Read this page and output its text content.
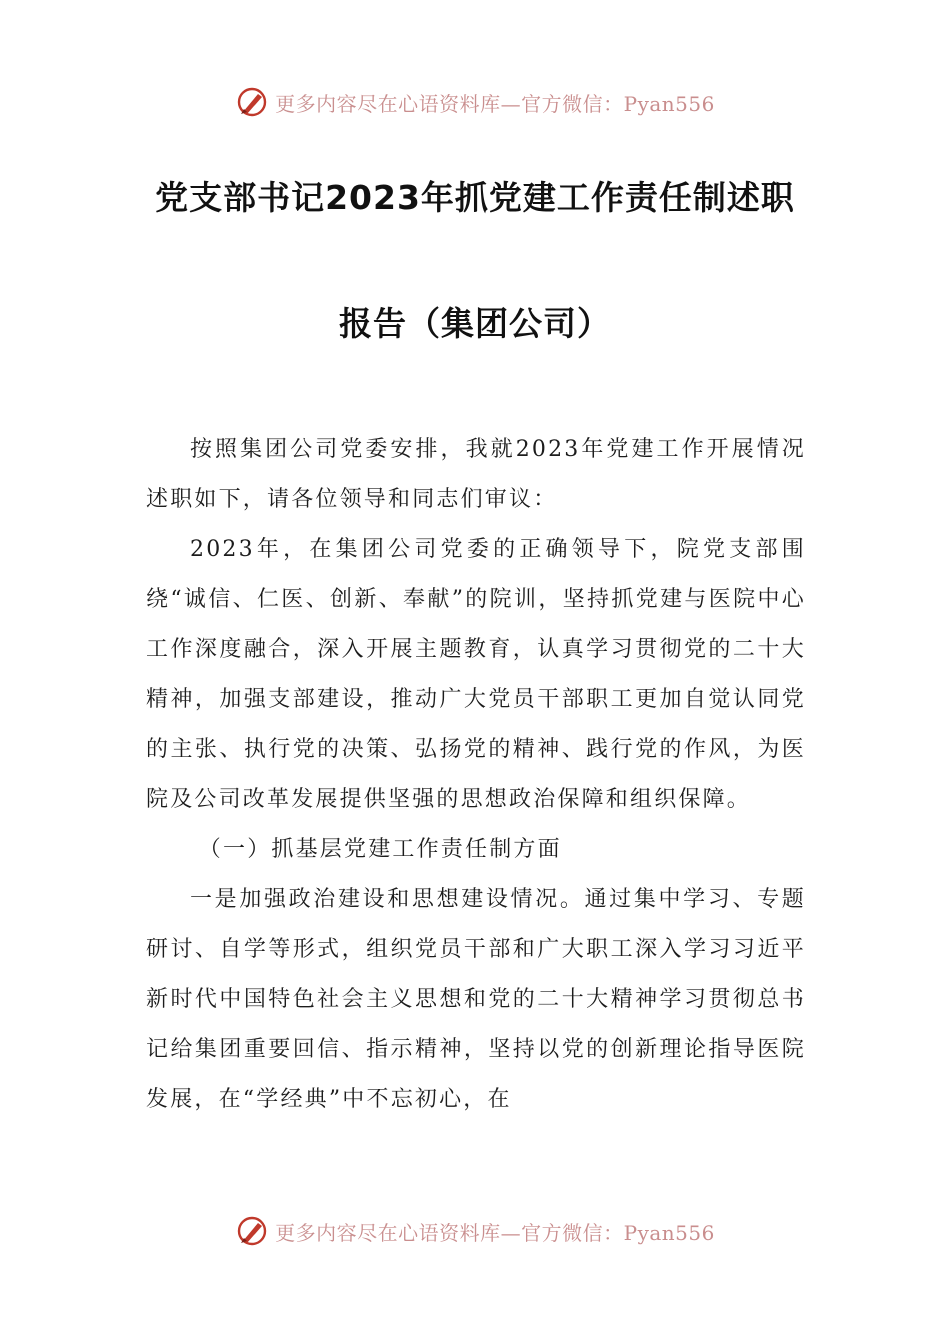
更多内容尽在心语资料库—官方微信：Pyan556
党支部书记2023年抓党建工作责任制述职
报告（集团公司）

按照集团公司党委安排，我就2023年党建工作开展情况述职如下，请各位领导和同志们审议：

2023年，在集团公司党委的正确领导下，院党支部围绕“诚信、仁医、创新、奉献”的院训，坚持抓党建与医院中心工作深度融合，深入开展主题教育，认真学习贯彻党的二十大精神，加强支部建设，推动广大党员干部职工更加自觉认同党的主张、执行党的决策、弘扬党的精神、践行党的作风，为医院及公司改革发展提供坚强的思想政治保障和组织保障。

（一）抓基层党建工作责任制方面

一是加强政治建设和思想建设情况。通过集中学习、专题研讨、自学等形式，组织党员干部和广大职工深入学习习近平新时代中国特色社会主义思想和党的二十大精神学习贯彻总书记给集团重要回信、指示精神，坚持以党的创新理论指导医院发展，在“学经典”中不忘初心，在

更多内容尽在心语资料库—官方微信：Pyan556
